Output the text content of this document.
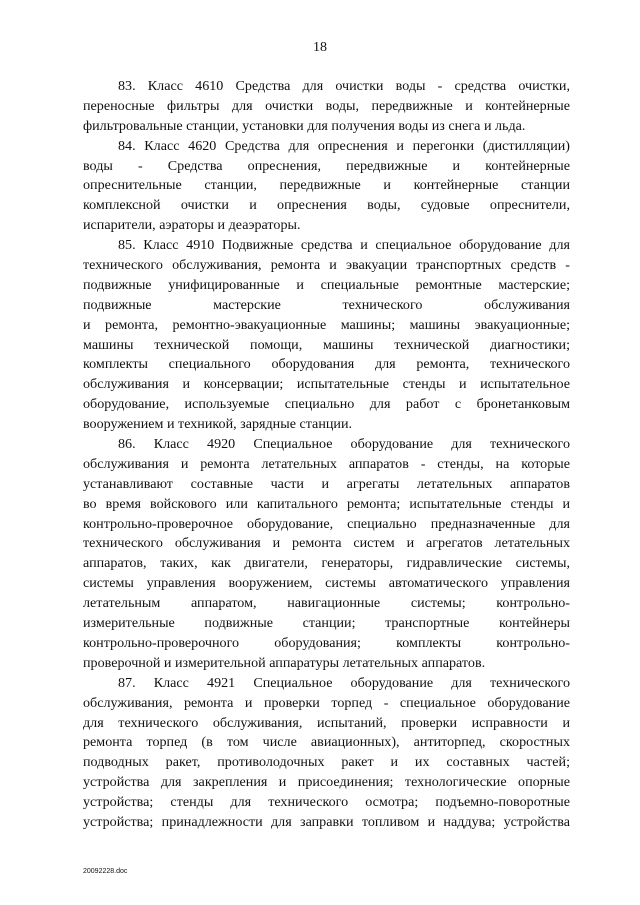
18
83. Класс 4610 Средства для очистки воды - средства очистки,
переносные фильтры для очистки воды, передвижные и контейнерные
фильтровальные станции, установки для получения воды из снега и льда.
84. Класс 4620 Средства для опреснения и перегонки (дистилляции)
воды - Средства опреснения, передвижные и контейнерные
опреснительные станции, передвижные и контейнерные станции
комплексной очистки и опреснения воды, судовые опреснители,
испарители, аэраторы и деаэраторы.
85. Класс 4910 Подвижные средства и специальное оборудование для
технического обслуживания, ремонта и эвакуации транспортных средств -
подвижные унифицированные и специальные ремонтные мастерские;
подвижные мастерские технического обслуживания
и ремонта, ремонтно-эвакуационные машины; машины эвакуационные;
машины технической помощи, машины технической диагностики;
комплекты специального оборудования для ремонта, технического
обслуживания и консервации; испытательные стенды и испытательное
оборудование, используемые специально для работ с бронетанковым
вооружением и техникой, зарядные станции.
86. Класс 4920 Специальное оборудование для технического
обслуживания и ремонта летательных аппаратов - стенды, на которые
устанавливают составные части и агрегаты летательных аппаратов
во время войскового или капитального ремонта; испытательные стенды и
контрольно-проверочное оборудование, специально предназначенные для
технического обслуживания и ремонта систем и агрегатов летательных
аппаратов, таких, как двигатели, генераторы, гидравлические системы,
системы управления вооружением, системы автоматического управления
летательным аппаратом, навигационные системы; контрольно-
измерительные подвижные станции; транспортные контейнеры
контрольно-проверочного оборудования; комплекты контрольно-
проверочной и измерительной аппаратуры летательных аппаратов.
87. Класс 4921 Специальное оборудование для технического
обслуживания, ремонта и проверки торпед - специальное оборудование
для технического обслуживания, испытаний, проверки исправности и
ремонта торпед (в том числе авиационных), антиторпед, скоростных
подводных ракет, противолодочных ракет и их составных частей;
устройства для закрепления и присоединения; технологические опорные
устройства; стенды для технического осмотра; подъемно-поворотные
устройства; принадлежности для заправки топливом и наддува; устройства
20092228.doc
